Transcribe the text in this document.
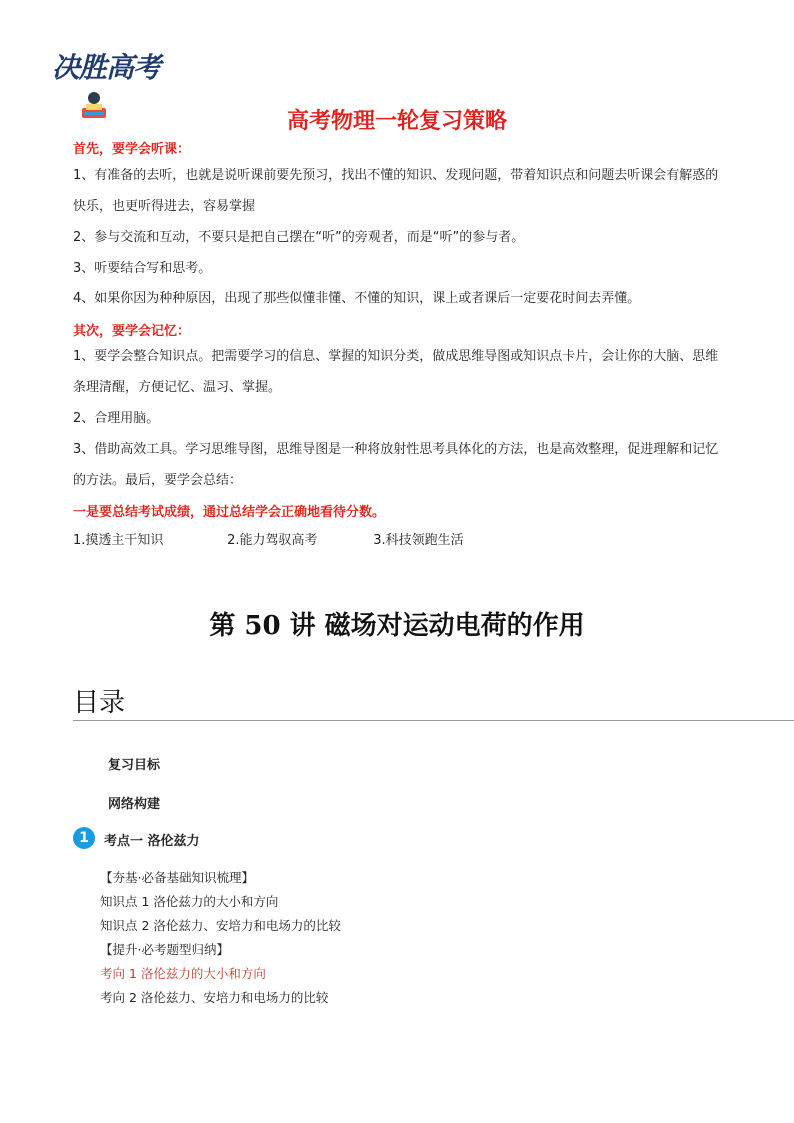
决胜高考
高考物理一轮复习策略
首先，要学会听课：
1、有准备的去听，也就是说听课前要先预习，找出不懂的知识、发现问题，带着知识点和问题去听课会有解惑的快乐，也更听得进去，容易掌握
2、参与交流和互动，不要只是把自己摆在“听”的旁观者，而是“听”的参与者。
3、听要结合写和思考。
4、如果你因为种种原因，出现了那些似懂非懂、不懂的知识，课上或者课后一定要花时间去弄懂。
其次，要学会记忆：
1、要学会整合知识点。把需要学习的信息、掌握的知识分类，做成思维导图或知识点卡片，会让你的大脑、思维条理清醒，方便记忆、温习、掌握。
2、合理用脑。
3、借助高效工具。学习思维导图，思维导图是一种将放射性思考具体化的方法，也是高效整理，促进理解和记忆的方法。最后，要学会总结：
一是要总结考试成绩，通过总结学会正确地看待分数。
1.摸透主干知识	2.能力驾驭高考	3.科技领跑生活
第 50 讲 磁场对运动电荷的作用
目录
复习目标
网络构建
1	考点一 洛伦兹力
【夯基·必备基础知识梳理】
知识点 1 洛伦兹力的大小和方向
知识点 2 洛伦兹力、安培力和电场力的比较
【提升·必考题型归纳】
考向 1 洛伦兹力的大小和方向
考向 2 洛伦兹力、安培力和电场力的比较
